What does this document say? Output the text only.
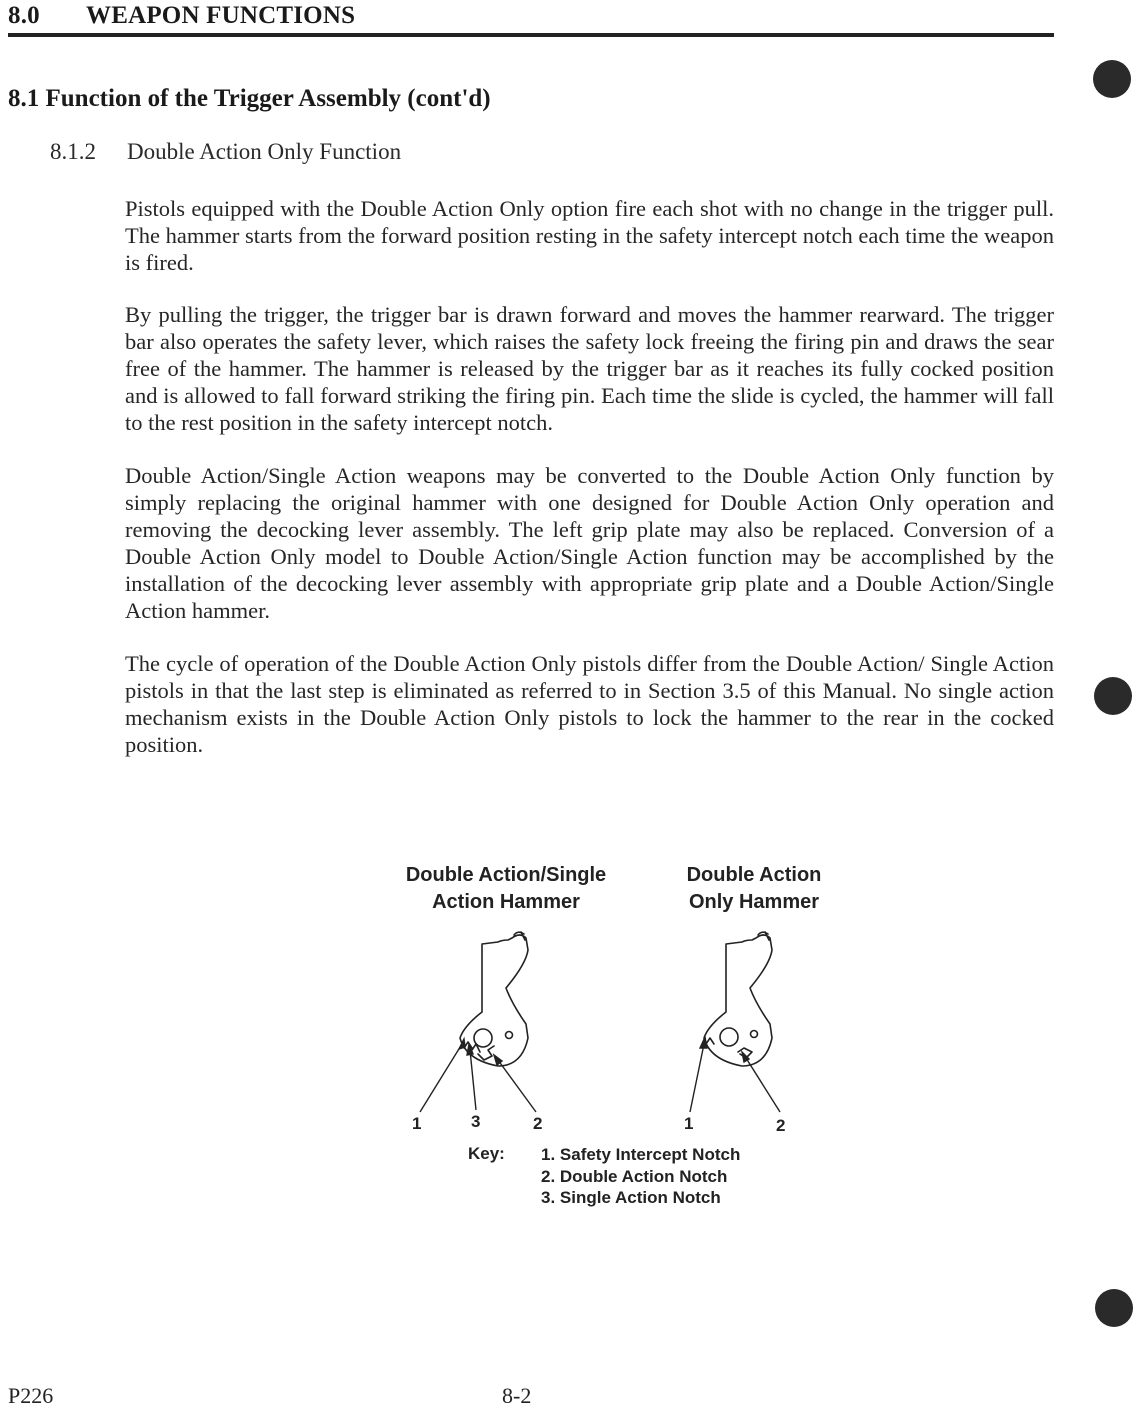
8.0 WEAPON FUNCTIONS
8.1 Function of the Trigger Assembly (cont'd)
8.1.2 Double Action Only Function

Pistols equipped with the Double Action Only option fire each shot with no change in the trigger pull. The hammer starts from the forward position resting in the safety intercept notch each time the weapon is fired.

By pulling the trigger, the trigger bar is drawn forward and moves the hammer rearward. The trigger bar also operates the safety lever, which raises the safety lock freeing the firing pin and draws the sear free of the hammer. The hammer is released by the trigger bar as it reaches its fully cocked position and is allowed to fall forward striking the firing pin. Each time the slide is cycled, the hammer will fall to the rest position in the safety intercept notch.

Double Action/Single Action weapons may be converted to the Double Action Only function by simply replacing the original hammer with one designed for Double Action Only operation and removing the decocking lever assembly. The left grip plate may also be replaced. Conversion of a Double Action Only model to Double Action/Single Action function may be accomplished by the installation of the decocking lever assembly with appropriate grip plate and a Double Action/Single Action hammer.

The cycle of operation of the Double Action Only pistols differ from the Double Action/ Single Action pistols in that the last step is eliminated as referred to in Section 3.5 of this Manual. No single action mechanism exists in the Double Action Only pistols to lock the hammer to the rear in the cocked position.

Double Action/Single
Action Hammer
Double Action
Only Hammer
1	3	2	1	2
Key: 1. Safety Intercept Notch
2. Double Action Notch
3. Single Action Notch
P226	8-2
